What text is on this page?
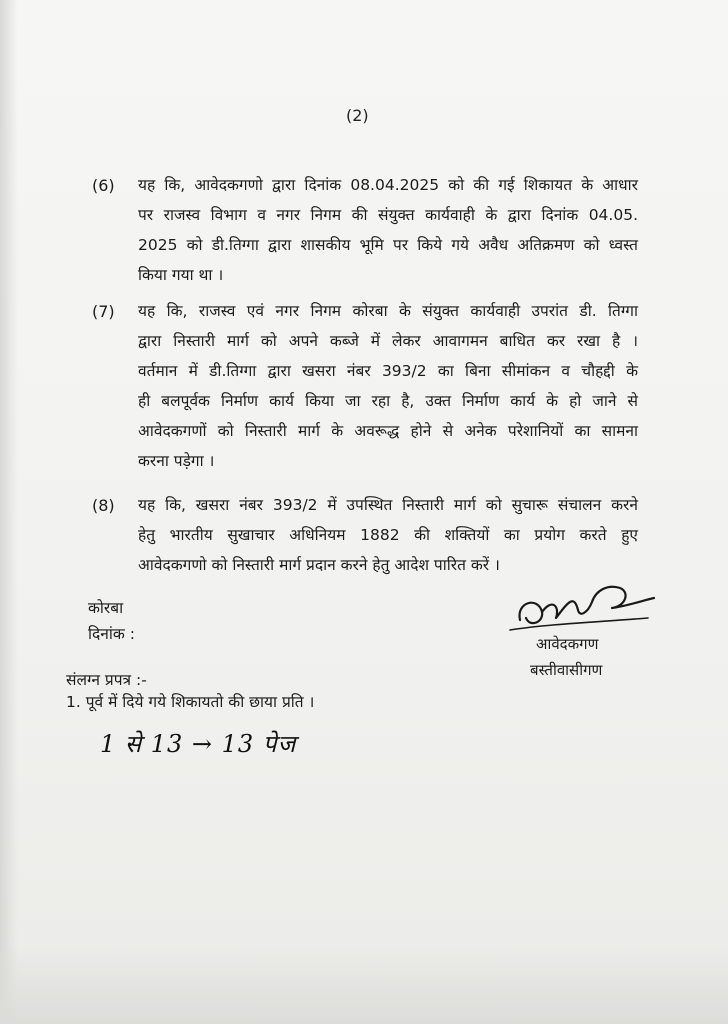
(2)
(6) यह कि, आवेदकगणो द्वारा दिनांक 08.04.2025 को की गई शिकायत के आधार
पर राजस्व विभाग व नगर निगम की संयुक्त कार्यवाही के द्वारा दिनांक 04.05.
2025 को डी.तिग्गा द्वारा शासकीय भूमि पर किये गये अवैध अतिक्रमण को ध्वस्त
किया गया था ।
(7) यह कि, राजस्व एवं नगर निगम कोरबा के संयुक्त कार्यवाही उपरांत डी. तिग्गा
द्वारा निस्तारी मार्ग को अपने कब्जे में लेकर आवागमन बाधित कर रखा है ।
वर्तमान में डी.तिग्गा द्वारा खसरा नंबर 393/2 का बिना सीमांकन व चौहद्दी के
ही बलपूर्वक निर्माण कार्य किया जा रहा है, उक्त निर्माण कार्य के हो जाने से
आवेदकगणों को निस्तारी मार्ग के अवरूद्ध होने से अनेक परेशानियों का सामना
करना पड़ेगा ।
(8) यह कि, खसरा नंबर 393/2 में उपस्थित निस्तारी मार्ग को सुचारू संचालन करने
हेतु भारतीय सुखाचार अधिनियम 1882 की शक्तियों का प्रयोग करते हुए
आवेदकगणो को निस्तारी मार्ग प्रदान करने हेतु आदेश पारित करें ।
कोरबा
दिनांक :
आवेदकगण
बस्तीवासीगण
संलग्न प्रपत्र :-
1. पूर्व में दिये गये शिकायतो की छाया प्रति ।
1 से 13 → 13 पेज
